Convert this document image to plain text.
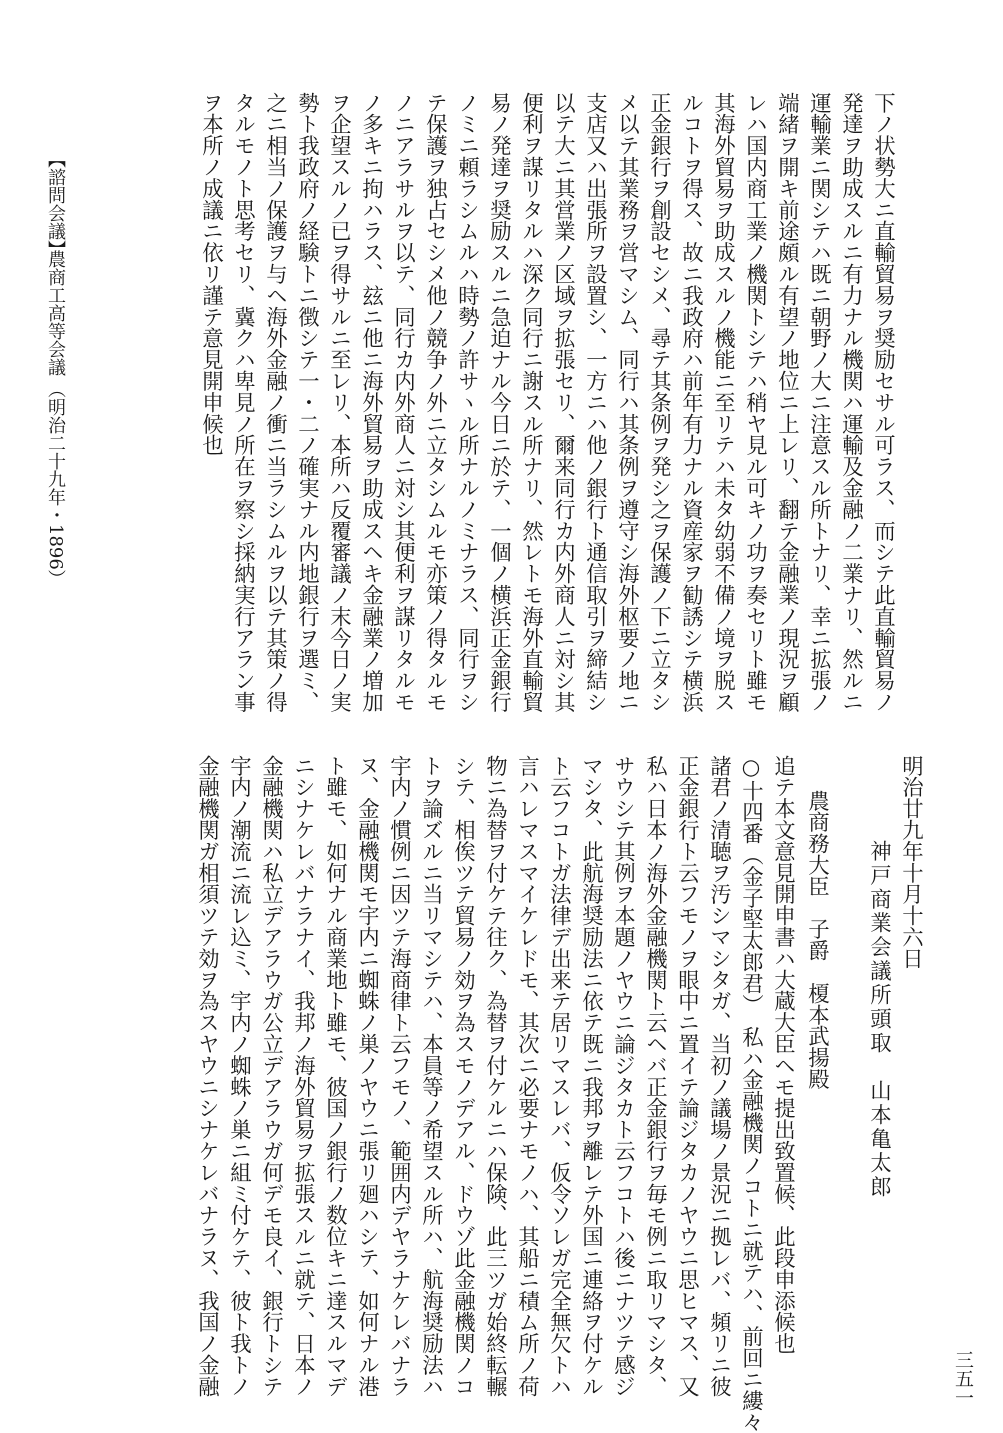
下ノ状勢大ニ直輸貿易ヲ奨励セサル可ラス、而シテ此直輸貿易ノ
発達ヲ助成スルニ有力ナル機関ハ運輸及金融ノ二業ナリ、然ルニ
運輸業ニ関シテハ既ニ朝野ノ大ニ注意スル所トナリ、幸ニ拡張ノ
端緒ヲ開キ前途頗ル有望ノ地位ニ上レリ、翻テ金融業ノ現況ヲ顧
レハ国内商工業ノ機関トシテハ稍ヤ見ル可キノ功ヲ奏セリト雖モ
其海外貿易ヲ助成スルノ機能ニ至リテハ未タ幼弱不備ノ境ヲ脱ス
ルコトヲ得ス、故ニ我政府ハ前年有力ナル資産家ヲ勧誘シテ横浜
正金銀行ヲ創設セシメ、尋テ其条例ヲ発シ之ヲ保護ノ下ニ立タシ
メ以テ其業務ヲ営マシム、同行ハ其条例ヲ遵守シ海外枢要ノ地ニ
支店又ハ出張所ヲ設置シ、一方ニハ他ノ銀行ト通信取引ヲ締結シ
以テ大ニ其営業ノ区域ヲ拡張セリ、爾来同行カ内外商人ニ対シ其
便利ヲ謀リタルハ深ク同行ニ謝スル所ナリ、然レトモ海外直輸貿
易ノ発達ヲ奨励スルニ急迫ナル今日ニ於テ、一個ノ横浜正金銀行
ノミニ頼ラシムルハ時勢ノ許サヽル所ナルノミナラス、同行ヲシ
テ保護ヲ独占セシメ他ノ競争ノ外ニ立タシムルモ亦策ノ得タルモ
ノニアラサルヲ以テ、同行カ内外商人ニ対シ其便利ヲ謀リタルモ
ノ多キニ拘ハラス、玆ニ他ニ海外貿易ヲ助成スヘキ金融業ノ増加
ヲ企望スルノ已ヲ得サルニ至レリ、本所ハ反覆審議ノ末今日ノ実
勢ト我政府ノ経験トニ徴シテ一・二ノ確実ナル内地銀行ヲ選ミ、
之ニ相当ノ保護ヲ与ヘ海外金融ノ衝ニ当ラシムルヲ以テ其策ノ得
タルモノト思考セリ、冀クハ卑見ノ所在ヲ察シ採納実行アラン事
ヲ本所ノ成議ニ依リ謹テ意見開申候也
【諮問会議】
農商工高等会議
（明治二十九年・1896）
明治廿九年十月十六日
神戸商業会議所頭取　山本亀太郎
農商務大臣　子爵　榎本武揚殿
追テ本文意見開申書ハ大蔵大臣ヘモ提出致置候、此段申添候也
○十四番（金子堅太郎君）　私ハ金融機関ノコトニ就テハ、前回ニ縷々
諸君ノ清聴ヲ汚シマシタガ、当初ノ議場ノ景況ニ拠レバ、頻リニ彼
正金銀行ト云フモノヲ眼中ニ置イテ論ジタカノヤウニ思ヒマス、又
私ハ日本ノ海外金融機関ト云ヘバ正金銀行ヲ毎モ例ニ取リマシタ、
サウシテ其例ヲ本題ノヤウニ論ジタカト云フコトハ後ニナツテ感ジ
マシタ、此航海奨励法ニ依テ既ニ我邦ヲ離レテ外国ニ連絡ヲ付ケル
ト云フコトガ法律デ出来テ居リマスレバ、仮令ソレガ完全無欠トハ
言ハレマスマイケレドモ、其次ニ必要ナモノハ、其船ニ積ム所ノ荷
物ニ為替ヲ付ケテ往ク、為替ヲ付ケルニハ保険、此三ツガ始終転輾
シテ、相俟ツテ貿易ノ効ヲ為スモノデアル、ドウゾ此金融機関ノコ
トヲ論ズルニ当リマシテハ、本員等ノ希望スル所ハ、航海奨励法ハ
宇内ノ慣例ニ因ツテ海商律ト云フモノ、範囲内デヤラナケレバナラ
ヌ、金融機関モ宇内ニ蜘蛛ノ巣ノヤウニ張リ廻ハシテ、如何ナル港
ト雖モ、如何ナル商業地ト雖モ、彼国ノ銀行ノ数位キニ達スルマデ
ニシナケレバナラナイ、我邦ノ海外貿易ヲ拡張スルニ就テ、日本ノ
金融機関ハ私立デアラウガ公立デアラウガ何デモ良イ、銀行トシテ
宇内ノ潮流ニ流レ込ミ、宇内ノ蜘蛛ノ巣ニ組ミ付ケテ、彼ト我トノ
金融機関ガ相須ツテ効ヲ為スヤウニシナケレバナラヌ、我国ノ金融	三五一
